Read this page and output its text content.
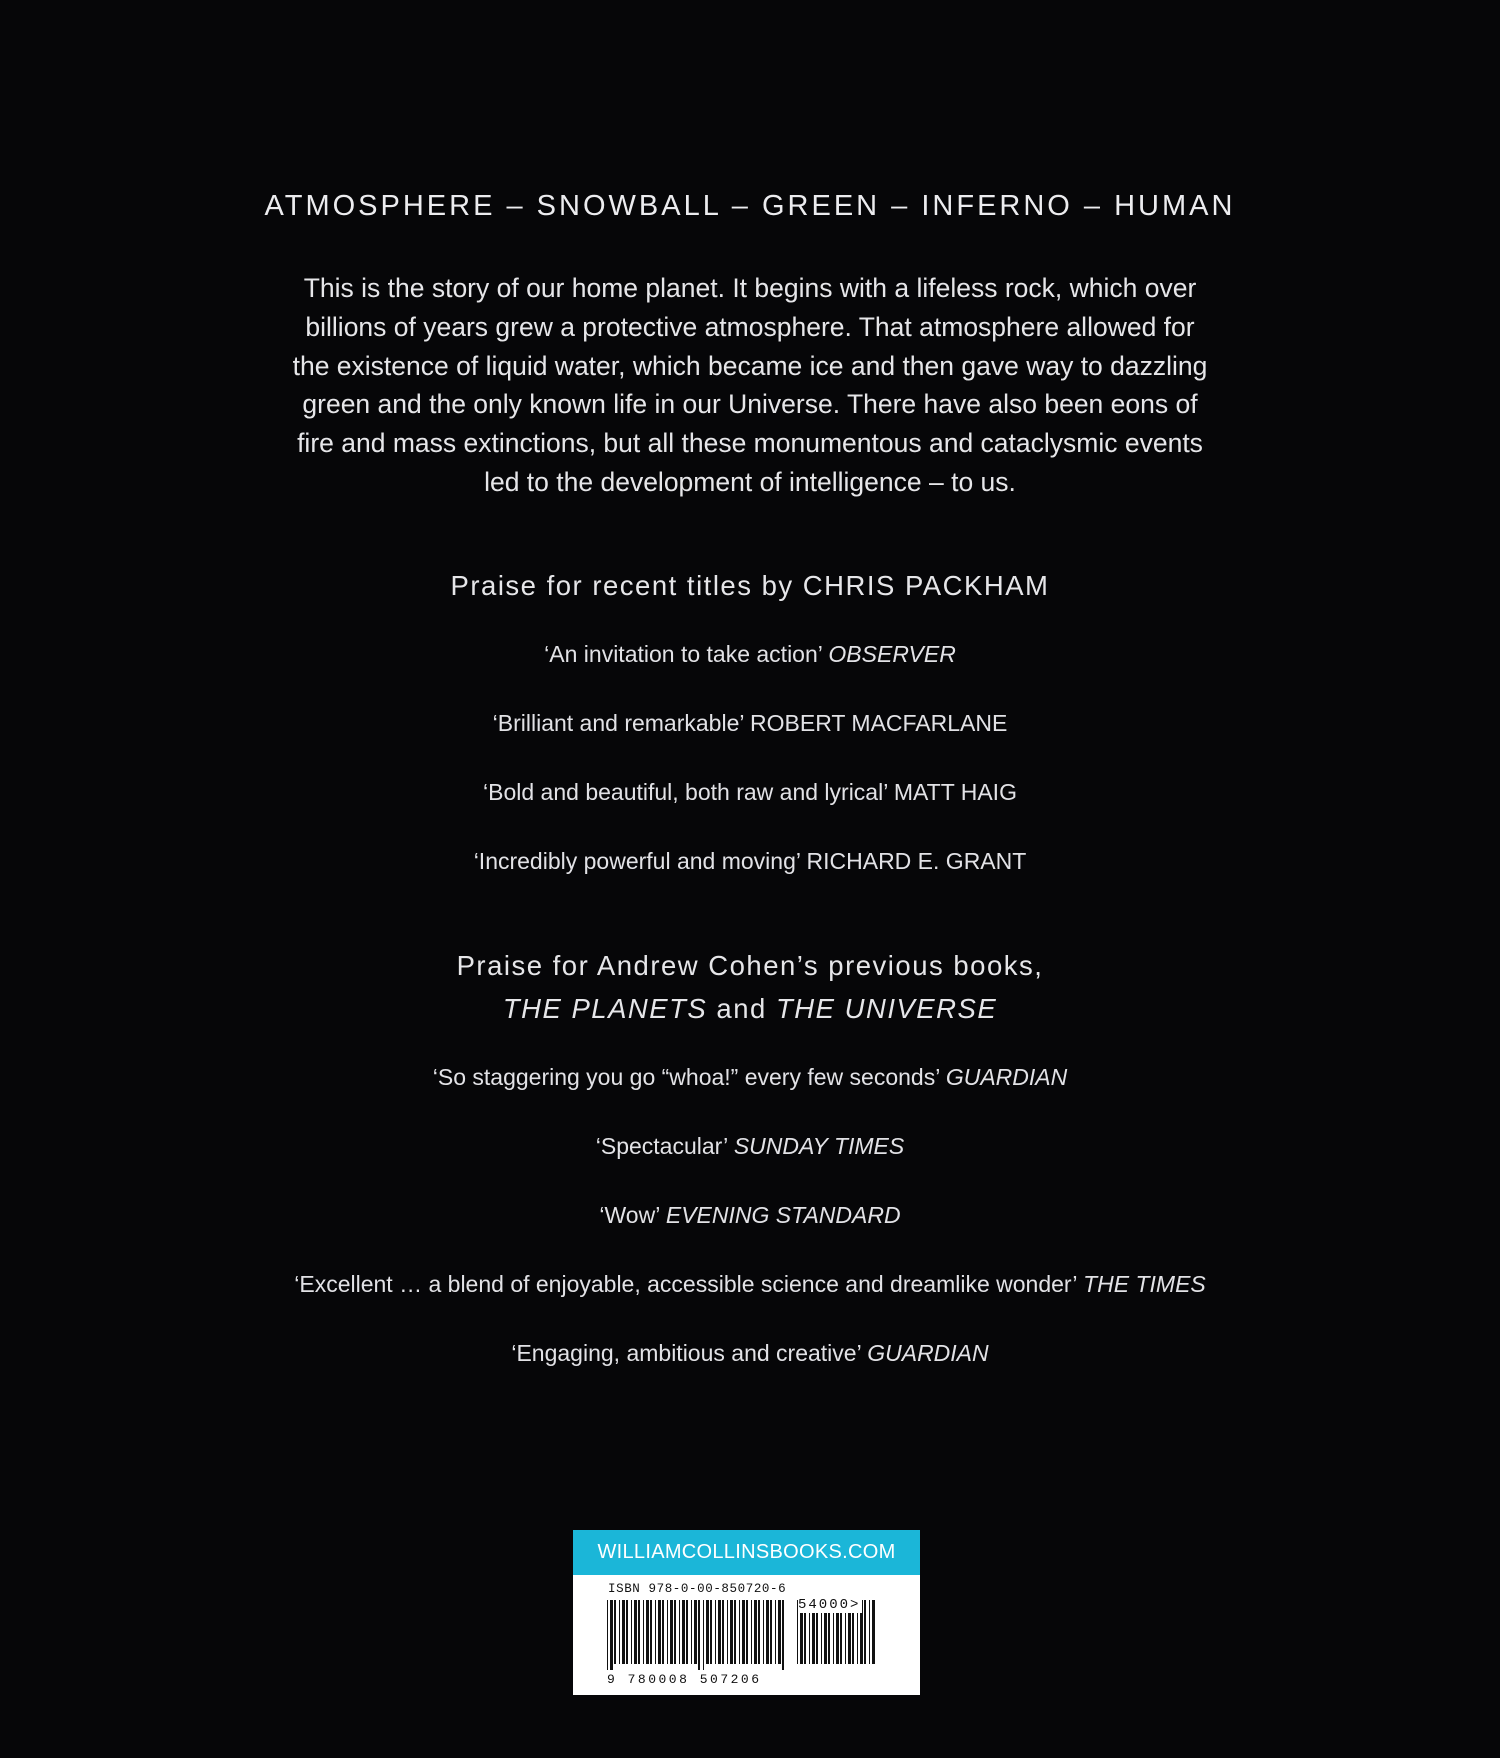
ATMOSPHERE – SNOWBALL – GREEN – INFERNO – HUMAN
This is the story of our home planet. It begins with a lifeless rock, which over
billions of years grew a protective atmosphere. That atmosphere allowed for
the existence of liquid water, which became ice and then gave way to dazzling
green and the only known life in our Universe. There have also been eons of
fire and mass extinctions, but all these monumentous and cataclysmic events
led to the development of intelligence – to us.
Praise for recent titles by CHRIS PACKHAM
‘An invitation to take action’ OBSERVER
‘Brilliant and remarkable’ ROBERT MACFARLANE
‘Bold and beautiful, both raw and lyrical’ MATT HAIG
‘Incredibly powerful and moving’ RICHARD E. GRANT
Praise for Andrew Cohen’s previous books,
THE PLANETS and THE UNIVERSE
‘So staggering you go “whoa!” every few seconds’ GUARDIAN
‘Spectacular’ SUNDAY TIMES
‘Wow’ EVENING STANDARD
‘Excellent … a blend of enjoyable, accessible science and dreamlike wonder’ THE TIMES
‘Engaging, ambitious and creative’ GUARDIAN
WILLIAMCOLLINSBOOKS.COM
ISBN 978-0-00-850720-6
54000>
9 780008 507206
